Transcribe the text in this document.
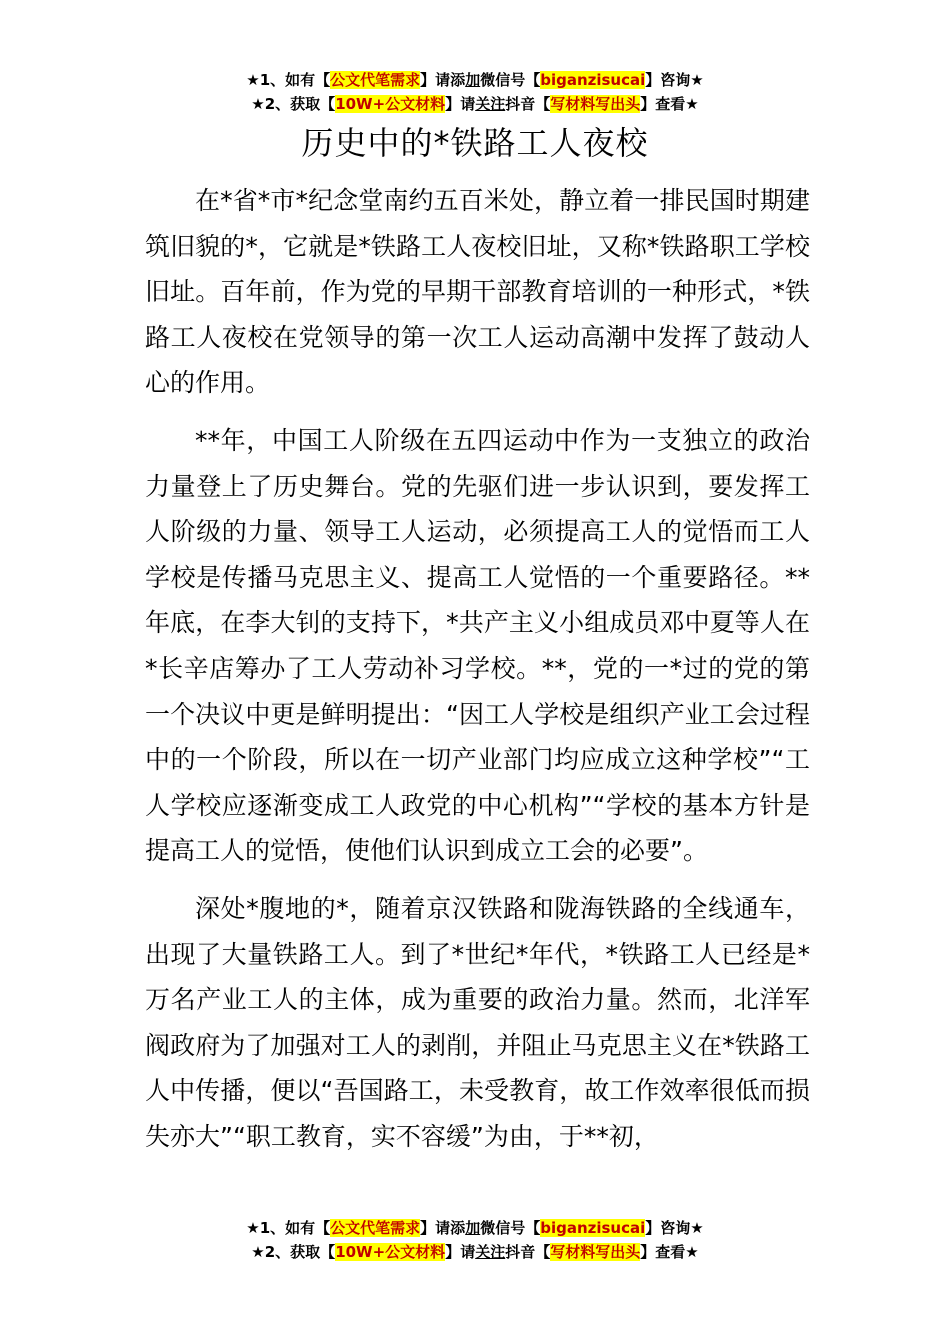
★1、如有【公文代笔需求】请添加微信号【biganzisucai】咨询★
★2、获取【10W+公文材料】请关注抖音【写材料写出头】查看★
历史中的*铁路工人夜校

在*省*市*纪念堂南约五百米处，静立着一排民国时期建筑旧貌的*，它就是*铁路工人夜校旧址，又称*铁路职工学校旧址。百年前，作为党的早期干部教育培训的一种形式，*铁路工人夜校在党领导的第一次工人运动高潮中发挥了鼓动人心的作用。

**年，中国工人阶级在五四运动中作为一支独立的政治力量登上了历史舞台。党的先驱们进一步认识到，要发挥工人阶级的力量、领导工人运动，必须提高工人的觉悟而工人学校是传播马克思主义、提高工人觉悟的一个重要路径。**年底，在李大钊的支持下，*共产主义小组成员邓中夏等人在*长辛店筹办了工人劳动补习学校。**，党的一*过的党的第一个决议中更是鲜明提出：“因工人学校是组织产业工会过程中的一个阶段，所以在一切产业部门均应成立这种学校”“工人学校应逐渐变成工人政党的中心机构”“学校的基本方针是提高工人的觉悟，使他们认识到成立工会的必要”。

深处*腹地的*，随着京汉铁路和陇海铁路的全线通车，出现了大量铁路工人。到了*世纪*年代，*铁路工人已经是*万名产业工人的主体，成为重要的政治力量。然而，北洋军阀政府为了加强对工人的剥削，并阻止马克思主义在*铁路工人中传播，便以“吾国路工，未受教育，故工作效率很低而损失亦大”“职工教育，实不容缓”为由，于**初，

★1、如有【公文代笔需求】请添加微信号【biganzisucai】咨询★
★2、获取【10W+公文材料】请关注抖音【写材料写出头】查看★
